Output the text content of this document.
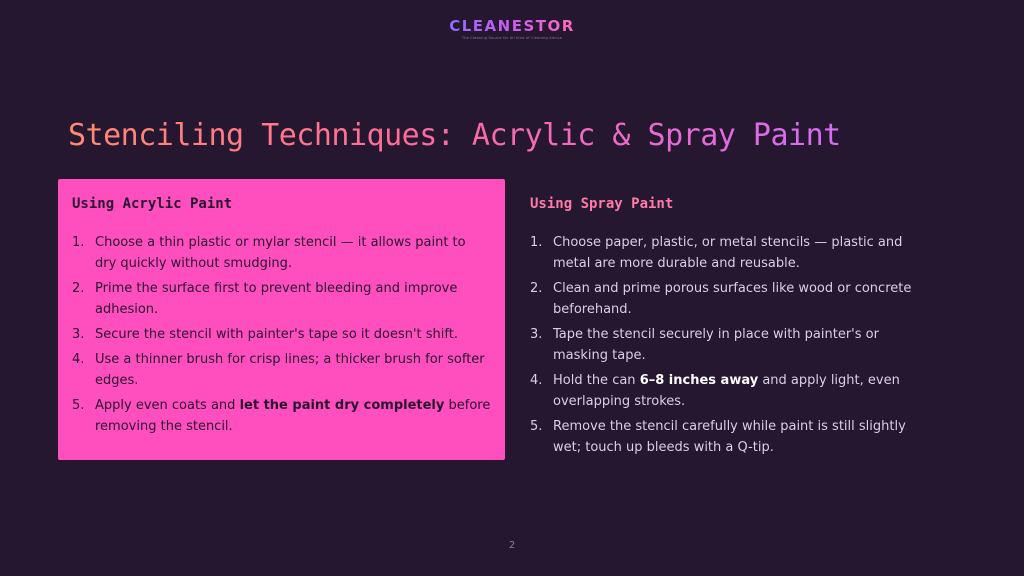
CLEANESTOR
The Cleaning Source for All Kind of Cleaning Advice
Stenciling Techniques: Acrylic & Spray Paint
Using Acrylic Paint
1. Choose a thin plastic or mylar stencil — it allows paint to dry quickly without smudging.
2. Prime the surface first to prevent bleeding and improve adhesion.
3. Secure the stencil with painter's tape so it doesn't shift.
4. Use a thinner brush for crisp lines; a thicker brush for softer edges.
5. Apply even coats and let the paint dry completely before removing the stencil.
Using Spray Paint
1. Choose paper, plastic, or metal stencils — plastic and metal are more durable and reusable.
2. Clean and prime porous surfaces like wood or concrete beforehand.
3. Tape the stencil securely in place with painter's or masking tape.
4. Hold the can 6–8 inches away and apply light, even overlapping strokes.
5. Remove the stencil carefully while paint is still slightly wet; touch up bleeds with a Q-tip.
2
